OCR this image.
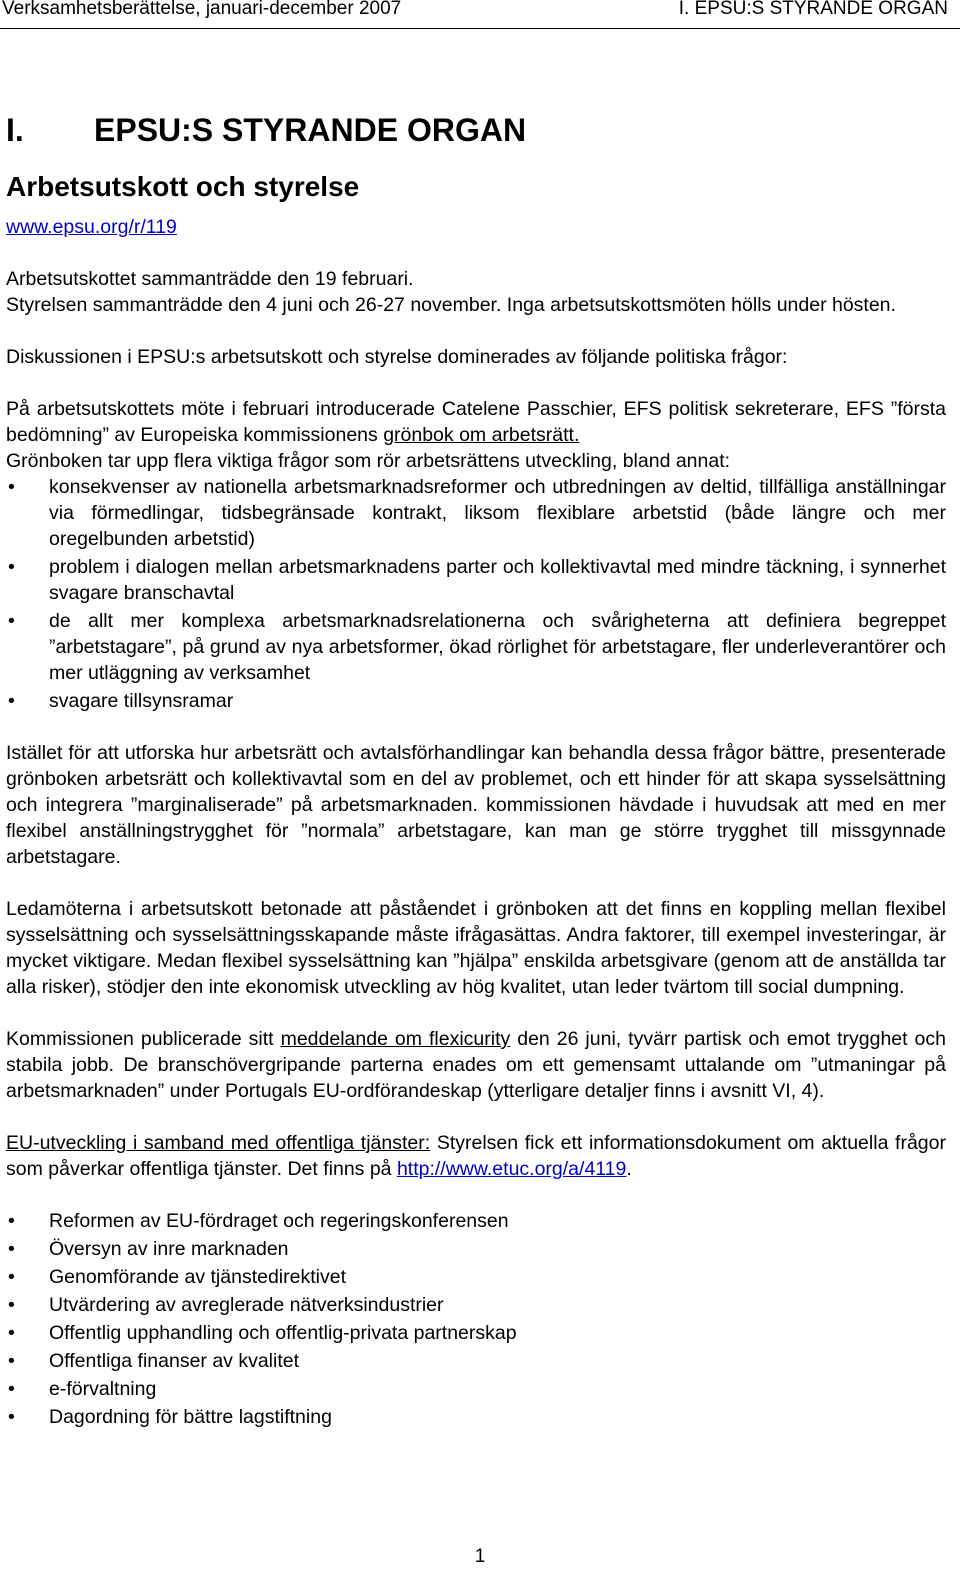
Verksamhetsberättelse, januari-december 2007	I. EPSU:S STYRANDE ORGAN
I.	EPSU:S STYRANDE ORGAN
Arbetsutskott och styrelse
www.epsu.org/r/119

Arbetsutskottet sammanträdde den 19 februari.

Styrelsen sammanträdde den 4 juni och 26-27 november. Inga arbetsutskottsmöten hölls under hösten.

Diskussionen i EPSU:s arbetsutskott och styrelse dominerades av följande politiska frågor:

På arbetsutskottets möte i februari introducerade Catelene Passchier, EFS politisk sekreterare, EFS ”första bedömning” av Europeiska kommissionens grönbok om arbetsrätt.

Grönboken tar upp flera viktiga frågor som rör arbetsrättens utveckling, bland annat:

• konsekvenser av nationella arbetsmarknadsreformer och utbredningen av deltid, tillfälliga anställningar via förmedlingar, tidsbegränsade kontrakt, liksom flexiblare arbetstid (både längre och mer oregelbunden arbetstid)
• problem i dialogen mellan arbetsmarknadens parter och kollektivavtal med mindre täckning, i synnerhet svagare branschavtal
• de allt mer komplexa arbetsmarknadsrelationerna och svårigheterna att definiera begreppet ”arbetstagare”, på grund av nya arbetsformer, ökad rörlighet för arbetstagare, fler underleverantörer och mer utläggning av verksamhet
• svagare tillsynsramar

Istället för att utforska hur arbetsrätt och avtalsförhandlingar kan behandla dessa frågor bättre, presenterade grönboken arbetsrätt och kollektivavtal som en del av problemet, och ett hinder för att skapa sysselsättning och integrera ”marginaliserade” på arbetsmarknaden. kommissionen hävdade i huvudsak att med en mer flexibel anställningstrygghet för ”normala” arbetstagare, kan man ge större trygghet till missgynnade arbetstagare.

Ledamöterna i arbetsutskott betonade att påståendet i grönboken att det finns en koppling mellan flexibel sysselsättning och sysselsättningsskapande måste ifrågasättas. Andra faktorer, till exempel investeringar, är mycket viktigare. Medan flexibel sysselsättning kan ”hjälpa” enskilda arbetsgivare (genom att de anställda tar alla risker), stödjer den inte ekonomisk utveckling av hög kvalitet, utan leder tvärtom till social dumpning.

Kommissionen publicerade sitt meddelande om flexicurity den 26 juni, tyvärr partisk och emot trygghet och stabila jobb. De branschövergripande parterna enades om ett gemensamt uttalande om ”utmaningar på arbetsmarknaden” under Portugals EU-ordförandeskap (ytterligare detaljer finns i avsnitt VI, 4).

EU-utveckling i samband med offentliga tjänster: Styrelsen fick ett informationsdokument om aktuella frågor som påverkar offentliga tjänster. Det finns på http://www.etuc.org/a/4119.

• Reformen av EU-fördraget och regeringskonferensen
• Översyn av inre marknaden
• Genomförande av tjänstedirektivet
• Utvärdering av avreglerade nätverksindustrier
• Offentlig upphandling och offentlig-privata partnerskap
• Offentliga finanser av kvalitet
• e-förvaltning
• Dagordning för bättre lagstiftning
1
